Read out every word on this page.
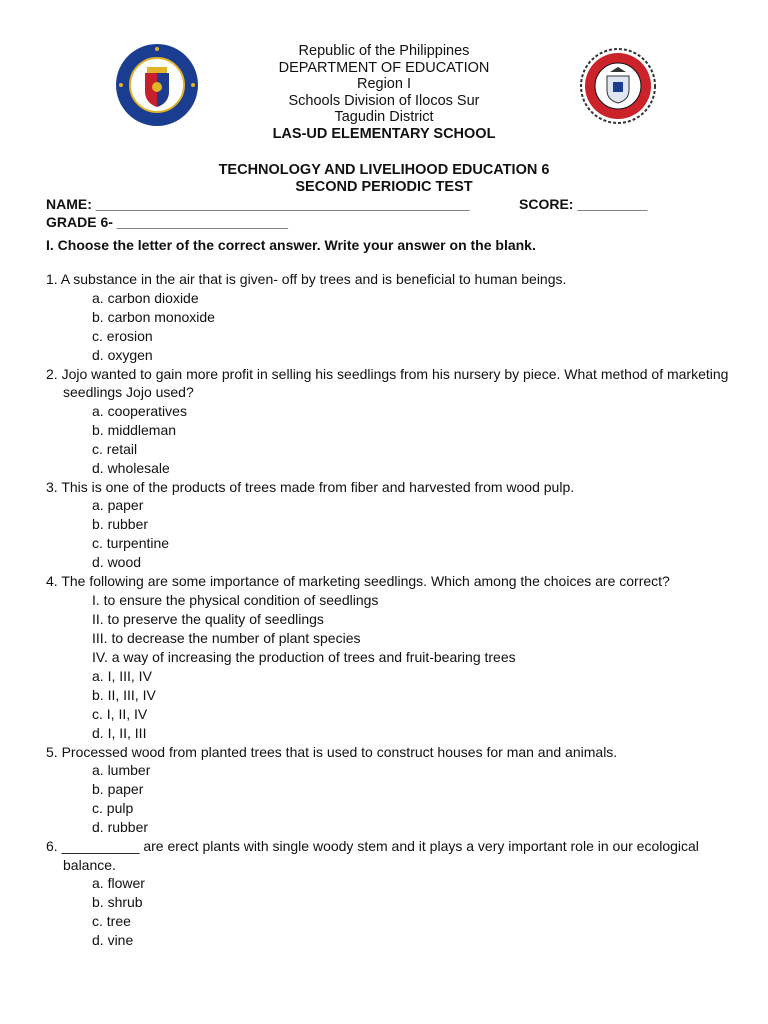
Republic of the Philippines
DEPARTMENT OF EDUCATION
Region I
Schools Division of Ilocos Sur
Tagudin District
LAS-UD ELEMENTARY SCHOOL
TECHNOLOGY AND LIVELIHOOD EDUCATION 6
SECOND PERIODIC TEST
NAME: ________________________________________________	SCORE: _________
GRADE 6- ______________________
I. Choose the letter of the correct answer. Write your answer on the blank.
1. A substance in the air that is given- off by trees and is beneficial to human beings.
a. carbon dioxide
b. carbon monoxide
c. erosion
d. oxygen
2. Jojo wanted to gain more profit in selling his seedlings from his nursery by piece. What method of marketing seedlings Jojo used?
a. cooperatives
b. middleman
c. retail
d. wholesale
3. This is one of the products of trees made from fiber and harvested from wood pulp.
a. paper
b. rubber
c. turpentine
d. wood
4. The following are some importance of marketing seedlings. Which among the choices are correct?
I. to ensure the physical condition of seedlings
II. to preserve the quality of seedlings
III. to decrease the number of plant species
IV. a way of increasing the production of trees and fruit-bearing trees
a. I, III, IV
b. II, III, IV
c. I, II, IV
d. I, II, III
5. Processed wood from planted trees that is used to construct houses for man and animals.
a. lumber
b. paper
c. pulp
d. rubber
6. __________ are erect plants with single woody stem and it plays a very important role in our ecological balance.
a. flower
b. shrub
c. tree
d. vine
